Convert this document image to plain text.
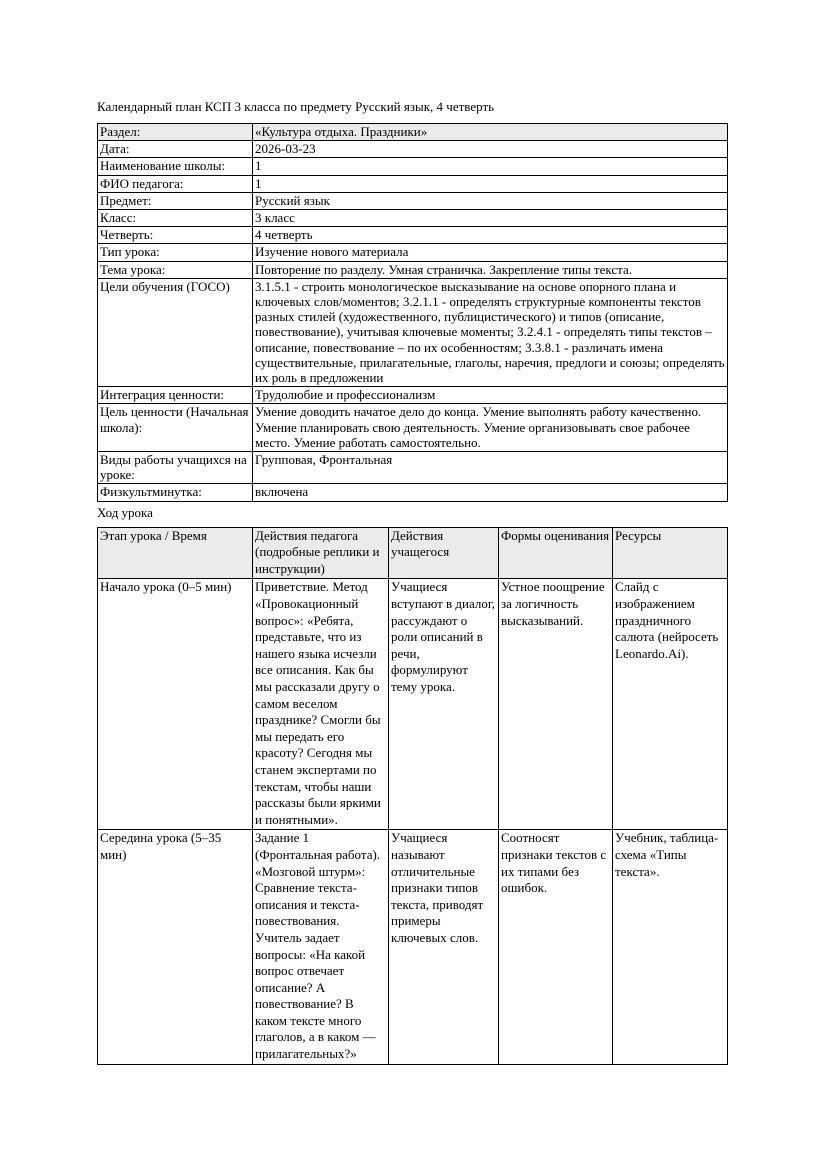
Календарный план КСП 3 класса по предмету Русский язык, 4 четверть

Раздел:	«Культура отдыха. Праздники»
Дата:	2026-03-23
Наименование школы:	1
ФИО педагога:	1
Предмет:	Русский язык
Класс:	3 класс
Четверть:	4 четверть
Тип урока:	Изучение нового материала
Тема урока:	Повторение по разделу. Умная страничка. Закрепление типы текста.
Цели обучения (ГОСО)	3.1.5.1 - строить монологическое высказывание на основе опорного плана и ключевых слов/моментов; 3.2.1.1 - определять структурные компоненты текстов разных стилей (художественного, публицистического) и типов (описание, повествование), учитывая ключевые моменты; 3.2.4.1 - определять типы текстов – описание, повествование – по их особенностям; 3.3.8.1 - различать имена существительные, прилагательные, глаголы, наречия, предлоги и союзы; определять их роль в предложении
Интеграция ценности:	Трудолюбие и профессионализм
Цель ценности (Начальная школа):	Умение доводить начатое дело до конца. Умение выполнять работу качественно. Умение планировать свою деятельность. Умение организовывать свое рабочее место. Умение работать самостоятельно.
Виды работы учащихся на уроке:	Групповая, Фронтальная
Физкультминутка:	включена

Ход урока

Этап урока / Время	Действия педагога (подробные реплики и инструкции)	Действия учащегося	Формы оценивания	Ресурсы
Начало урока (0–5 мин)	Приветствие. Метод «Провокационный вопрос»: «Ребята, представьте, что из нашего языка исчезли все описания. Как бы мы рассказали другу о самом веселом празднике? Смогли бы мы передать его красоту? Сегодня мы станем экспертами по текстам, чтобы наши рассказы были яркими и понятными».	Учащиеся вступают в диалог, рассуждают о роли описаний в речи, формулируют тему урока.	Устное поощрение за логичность высказываний.	Слайд с изображением праздничного салюта (нейросеть Leonardo.Ai).
Середина урока (5–35 мин)	Задание 1 (Фронтальная работа). «Мозговой штурм»: Сравнение текста-описания и текста-повествования. Учитель задает вопросы: «На какой вопрос отвечает описание? А повествование? В каком тексте много глаголов, а в каком — прилагательных?»	Учащиеся называют отличительные признаки типов текста, приводят примеры ключевых слов.	Соотносят признаки текстов с их типами без ошибок.	Учебник, таблица-схема «Типы текста».
